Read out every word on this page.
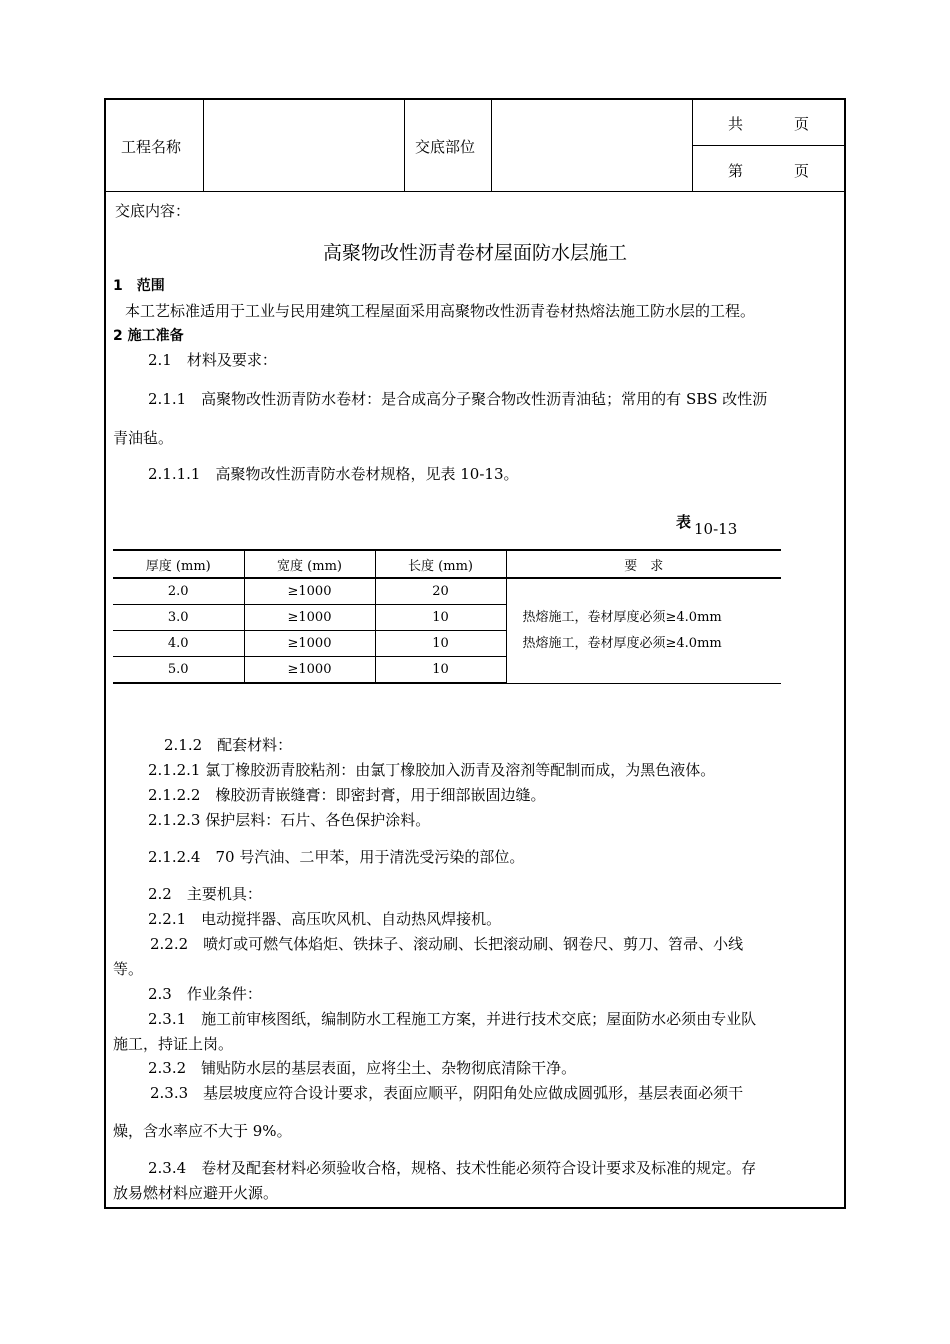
工程名称	交底部位
共	页
第	页
交底内容：
高聚物改性沥青卷材屋面防水层施工
1　范围
本工艺标准适用于工业与民用建筑工程屋面采用高聚物改性沥青卷材热熔法施工防水层的工程。
2 施工准备
2.1　材料及要求：
2.1.1　高聚物改性沥青防水卷材：是合成高分子聚合物改性沥青油毡；常用的有 SBS 改性沥
青油毡。
2.1.1.1　高聚物改性沥青防水卷材规格，见表 10-13。
表 10-13
厚度 (mm)	宽度 (mm)	长度 (mm)	要　求
2.0	≥1000	20	热熔施工，卷材厚度必须≥4.0mm
热熔施工，卷材厚度必须≥4.0mm

3.0	≥1000	10	
4.0	≥1000	10	
5.0	≥1000	10	
2.1.2　配套材料：
2.1.2.1 氯丁橡胶沥青胶粘剂：由氯丁橡胶加入沥青及溶剂等配制而成，为黑色液体。
2.1.2.2　橡胶沥青嵌缝膏：即密封膏，用于细部嵌固边缝。
2.1.2.3 保护层料：石片、各色保护涂料。
2.1.2.4　70 号汽油、二甲苯，用于清洗受污染的部位。
2.2　主要机具：
2.2.1　电动搅拌器、高压吹风机、自动热风焊接机。
2.2.2　喷灯或可燃气体焰炬、铁抹子、滚动刷、长把滚动刷、钢卷尺、剪刀、笤帚、小线
等。
2.3　作业条件：
2.3.1　施工前审核图纸，编制防水工程施工方案，并进行技术交底；屋面防水必须由专业队
施工，持证上岗。
2.3.2　铺贴防水层的基层表面，应将尘土、杂物彻底清除干净。
2.3.3　基层坡度应符合设计要求，表面应顺平，阴阳角处应做成圆弧形，基层表面必须干
燥，含水率应不大于 9%。
2.3.4　卷材及配套材料必须验收合格，规格、技术性能必须符合设计要求及标准的规定。存
放易燃材料应避开火源。
